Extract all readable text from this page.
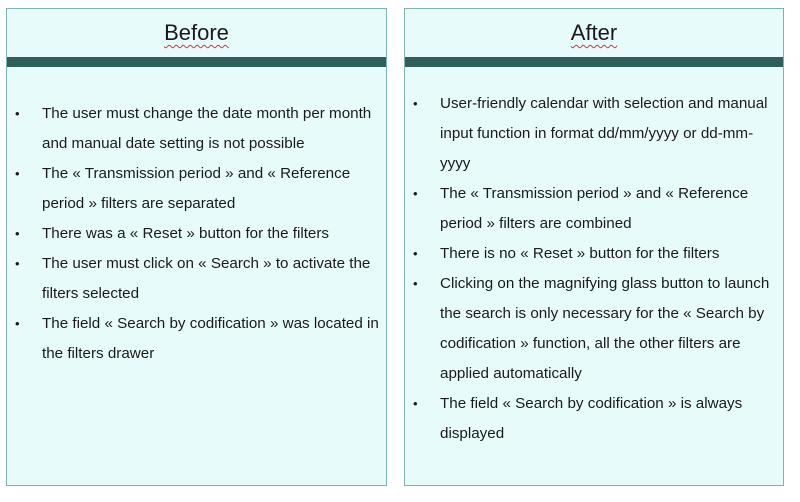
Before
• The user must change the date month per month and manual date setting is not possible
• The « Transmission period » and « Reference period » filters are separated
• There was a « Reset » button for the filters
• The user must click on « Search » to activate the filters selected
• The field « Search by codification » was located in the filters drawer
After
• User-friendly calendar with selection and manual input function in format dd/mm/yyyy or dd-mm-yyyy
• The « Transmission period » and « Reference period » filters are combined
• There is no « Reset » button for the filters
• Clicking on the magnifying glass button to launch the search is only necessary for the « Search by codification » function, all the other filters are applied automatically
• The field « Search by codification » is always displayed
